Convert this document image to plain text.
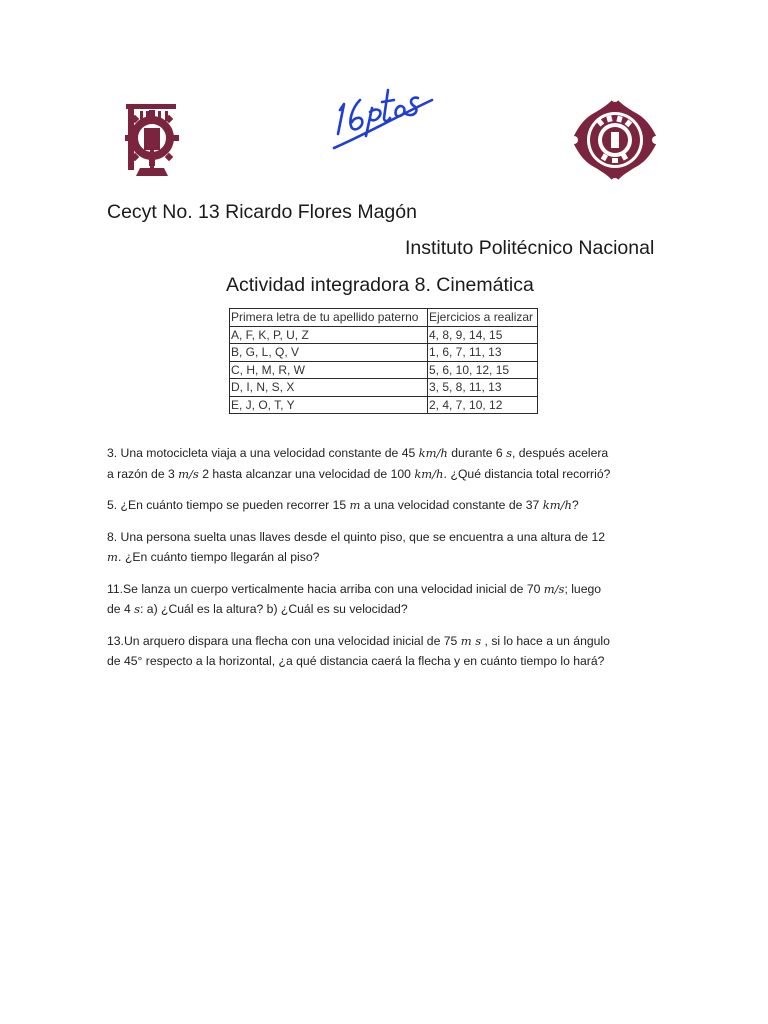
Cecyt No. 13 Ricardo Flores Magón
Instituto Politécnico Nacional
Actividad integradora 8. Cinemática
Primera letra de tu apellido paterno	Ejercicios a realizar
A, F, K, P, U, Z	4, 8, 9, 14, 15
B, G, L, Q, V	1, 6, 7, 11, 13
C, H, M, R, W	5, 6, 10, 12, 15
D, I, N, S, X	3, 5, 8, 11, 13
E, J, O, T, Y	2, 4, 7, 10, 12

3. Una motocicleta viaja a una velocidad constante de 45 km/h durante 6 s, después acelera

a razón de 3 m/s 2 hasta alcanzar una velocidad de 100 km/h. ¿Qué distancia total recorrió?

5. ¿En cuánto tiempo se pueden recorrer 15 m a una velocidad constante de 37 km/h?

8. Una persona suelta unas llaves desde el quinto piso, que se encuentra a una altura de 12

m. ¿En cuánto tiempo llegarán al piso?

11.Se lanza un cuerpo verticalmente hacia arriba con una velocidad inicial de 70 m/s; luego

de 4 s: a) ¿Cuál es la altura? b) ¿Cuál es su velocidad?

13.Un arquero dispara una flecha con una velocidad inicial de 75 m s , si lo hace a un ángulo

de 45° respecto a la horizontal, ¿a qué distancia caerá la flecha y en cuánto tiempo lo hará?
